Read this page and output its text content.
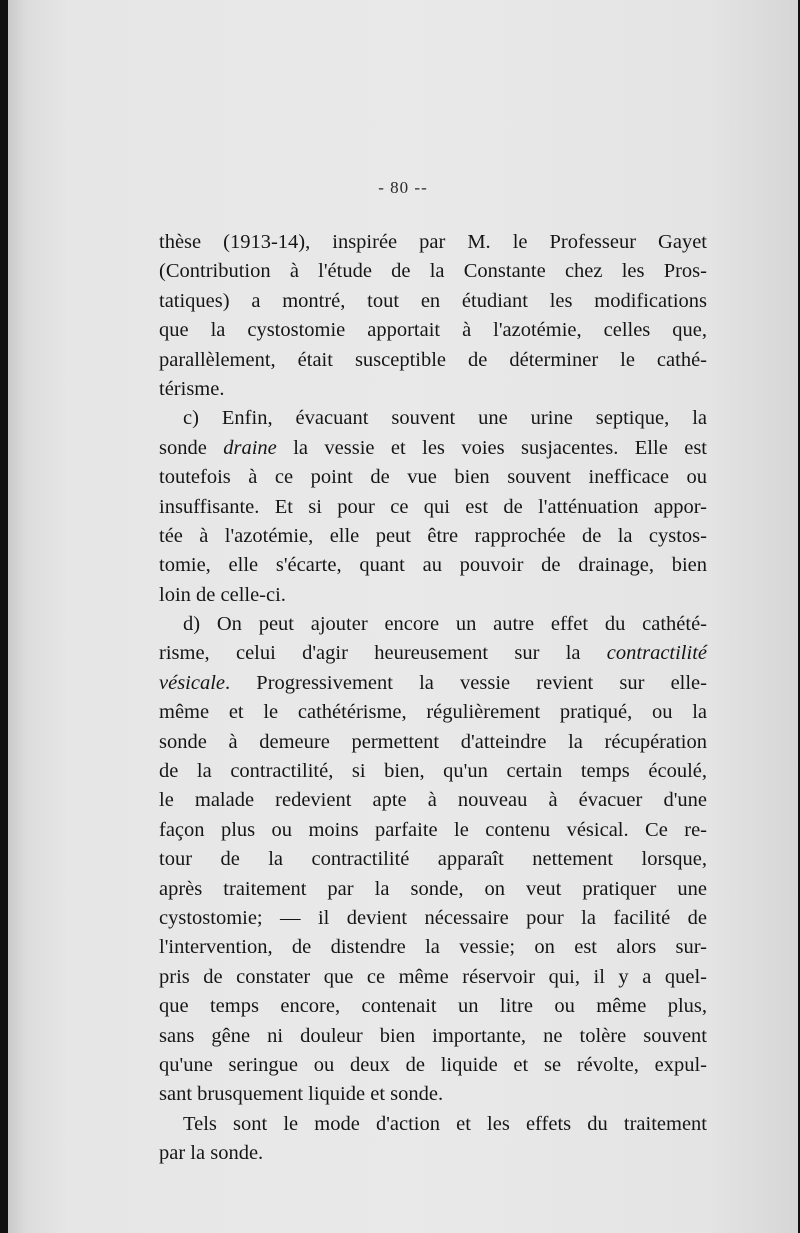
- 80 --
thèse (1913-14), inspirée par M. le Professeur Gayet
(Contribution à l'étude de la Constante chez les Pros-
tatiques) a montré, tout en étudiant les modifications
que la cystostomie apportait à l'azotémie, celles que,
parallèlement, était susceptible de déterminer le cathé-
térisme.
c) Enfin, évacuant souvent une urine septique, la
sonde draine la vessie et les voies susjacentes. Elle est
toutefois à ce point de vue bien souvent inefficace ou
insuffisante. Et si pour ce qui est de l'atténuation appor-
tée à l'azotémie, elle peut être rapprochée de la cystos-
tomie, elle s'écarte, quant au pouvoir de drainage, bien
loin de celle-ci.
d) On peut ajouter encore un autre effet du cathété-
risme, celui d'agir heureusement sur la contractilité
vésicale. Progressivement la vessie revient sur elle-
même et le cathétérisme, régulièrement pratiqué, ou la
sonde à demeure permettent d'atteindre la récupération
de la contractilité, si bien, qu'un certain temps écoulé,
le malade redevient apte à nouveau à évacuer d'une
façon plus ou moins parfaite le contenu vésical. Ce re-
tour de la contractilité apparaît nettement lorsque,
après traitement par la sonde, on veut pratiquer une
cystostomie; — il devient nécessaire pour la facilité de
l'intervention, de distendre la vessie; on est alors sur-
pris de constater que ce même réservoir qui, il y a quel-
que temps encore, contenait un litre ou même plus,
sans gêne ni douleur bien importante, ne tolère souvent
qu'une seringue ou deux de liquide et se révolte, expul-
sant brusquement liquide et sonde.
Tels sont le mode d'action et les effets du traitement
par la sonde.
